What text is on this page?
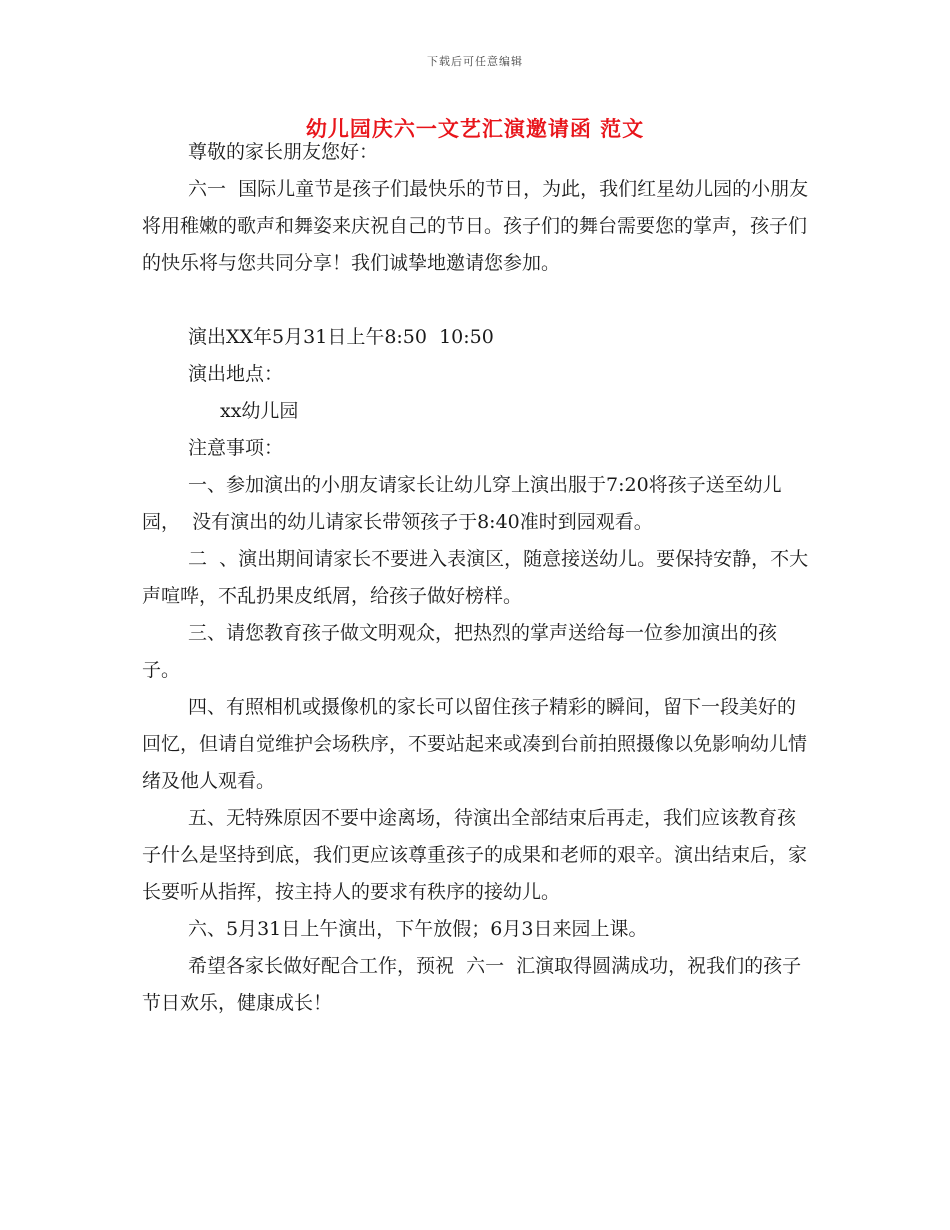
下载后可任意编辑
幼儿园庆六一文艺汇演邀请函 范文

尊敬的家长朋友您好：

六一  国际儿童节是孩子们最快乐的节日，为此，我们红星幼儿园的小朋友将用稚嫩的歌声和舞姿来庆祝自己的节日。孩子们的舞台需要您的掌声，孩子们的快乐将与您共同分享！我们诚挚地邀请您参加。

演出XX年5月31日上午8:50  10:50

演出地点：

xx幼儿园

注意事项：

一、参加演出的小朋友请家长让幼儿穿上演出服于7:20将孩子送至幼儿园，  没有演出的幼儿请家长带领孩子于8:40准时到园观看。

二  、演出期间请家长不要进入表演区，随意接送幼儿。要保持安静，不大声喧哗，不乱扔果皮纸屑，给孩子做好榜样。

三、请您教育孩子做文明观众，把热烈的掌声送给每一位参加演出的孩子。

四、有照相机或摄像机的家长可以留住孩子精彩的瞬间，留下一段美好的回忆，但请自觉维护会场秩序，不要站起来或凑到台前拍照摄像以免影响幼儿情绪及他人观看。

五、无特殊原因不要中途离场，待演出全部结束后再走，我们应该教育孩子什么是坚持到底，我们更应该尊重孩子的成果和老师的艰辛。演出结束后，家长要听从指挥，按主持人的要求有秩序的接幼儿。

六、5月31日上午演出，下午放假；6月3日来园上课。

希望各家长做好配合工作，预祝  六一  汇演取得圆满成功，祝我们的孩子节日欢乐，健康成长！
